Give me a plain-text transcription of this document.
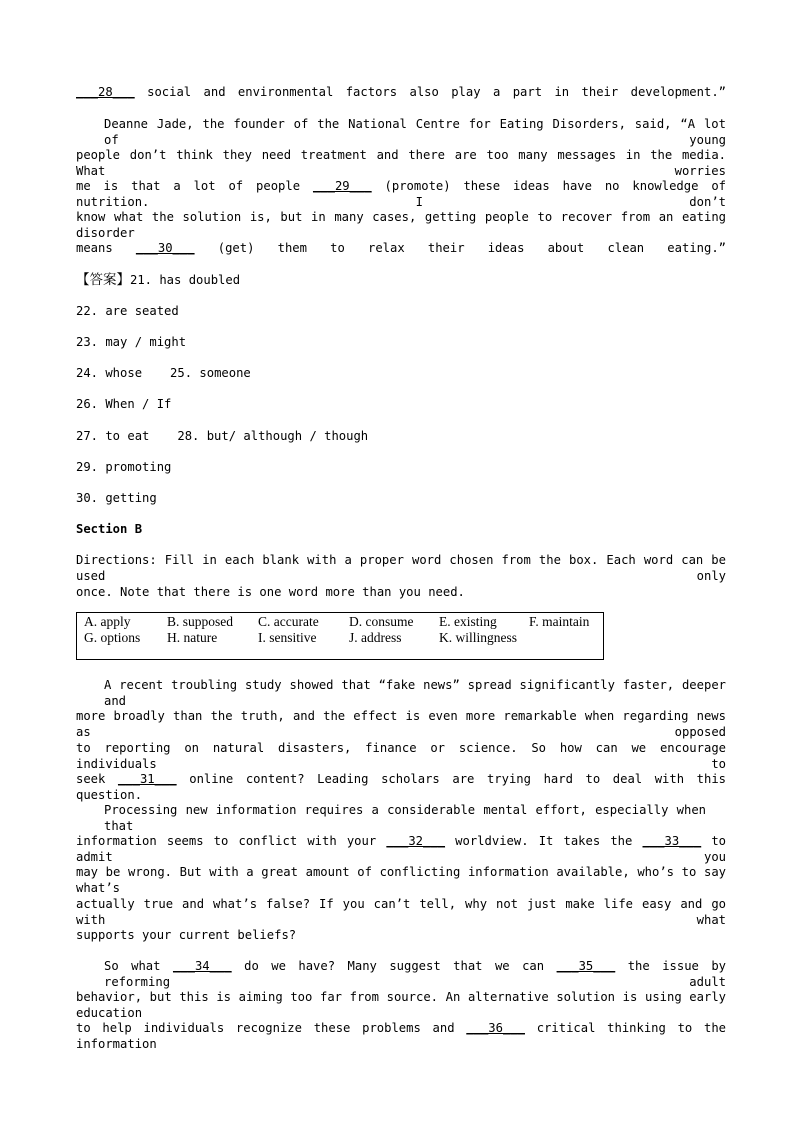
___28___ social and environmental factors also play a part in their development.”
Deanne Jade, the founder of the National Centre for Eating Disorders, said, “A lot of young
people don’t think they need treatment and there are too many messages in the media. What worries
me is that a lot of people ___29___ (promote) these ideas have no knowledge of nutrition. I don’t
know what the solution is, but in many cases, getting people to recover from an eating disorder
means ___30___ (get) them to relax their ideas about clean eating.”
【答案】21. has doubled
22. are seated
23. may / might
24. whose 25. someone
26. When / If
27. to eat 28. but/ although / though
29. promoting
30. getting
Section B
Directions: Fill in each blank with a proper word chosen from the box. Each word can be used only
once. Note that there is one word more than you need.
A. apply	B. supposed C. accurate D. consume E. existing F. maintain
G. options H. nature	I. sensitive J. address	K. willingness
A recent troubling study showed that “fake news” spread significantly faster, deeper and
more broadly than the truth, and the effect is even more remarkable when regarding news as opposed
to reporting on natural disasters, finance or science. So how can we encourage individuals to
seek ___31___ online content? Leading scholars are trying hard to deal with this question.
Processing new information requires a considerable mental effort, especially when that
information seems to conflict with your ___32___ worldview. It takes the ___33___ to admit you
may be wrong. But with a great amount of conflicting information available, who’s to say what’s
actually true and what’s false? If you can’t tell, why not just make life easy and go with what
supports your current beliefs?
So what ___34___ do we have? Many suggest that we can ___35___ the issue by reforming adult
behavior, but this is aiming too far from source. An alternative solution is using early education
to help individuals recognize these problems and ___36___ critical thinking to the information
